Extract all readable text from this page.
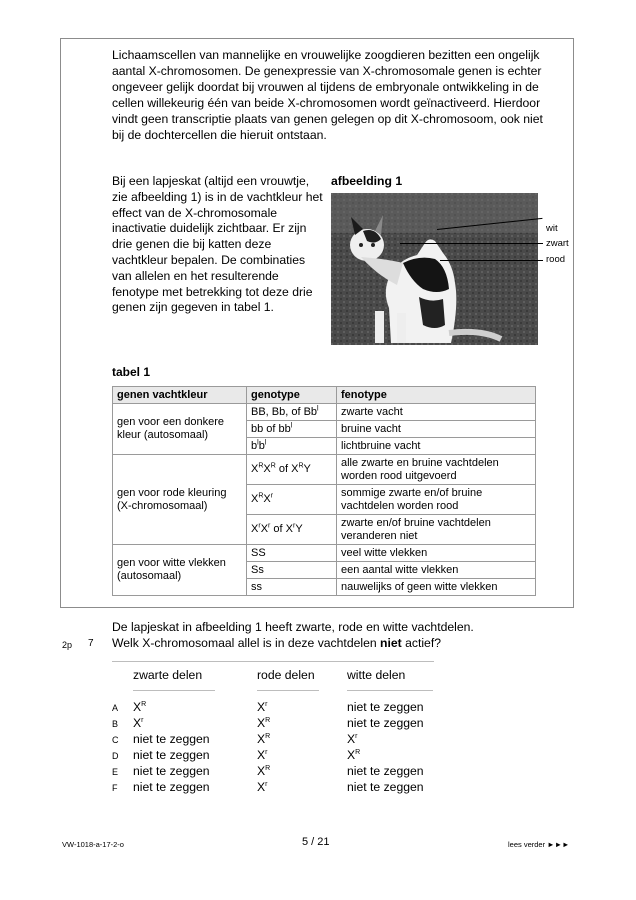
Lichaamscellen van mannelijke en vrouwelijke zoogdieren bezitten een ongelijk aantal X-chromosomen. De genexpressie van X-chromosomale genen is echter ongeveer gelijk doordat bij vrouwen al tijdens de embryonale ontwikkeling in de cellen willekeurig één van beide X-chromosomen wordt geïnactiveerd. Hierdoor vindt geen transcriptie plaats van genen gelegen op dit X-chromosoom, ook niet bij de dochtercellen die hieruit ontstaan.

Bij een lapjeskat (altijd een vrouwtje, zie afbeelding 1) is in de vachtkleur het effect van de X-chromosomale inactivatie duidelijk zichtbaar. Er zijn drie genen die bij katten deze vachtkleur bepalen. De combinaties van allelen en het resulterende fenotype met betrekking tot deze drie genen zijn gegeven in tabel 1.

afbeelding 1

wit
zwart
rood

tabel 1

genen vachtkleur	genotype	fenotype
gen voor een donkere kleur (autosomaal)	BB, Bb, of Bb$^l$	zwarte vacht
	bb of $bb^l$	bruine vacht
	$b^lb^l$	lichtbruine vacht
gen voor rode kleuring (X-chromosomaal)	$X^RX^R$ of $X^RY$	alle zwarte en bruine vachtdelen worden rood uitgevoerd
	$X^RX^r$	sommige zwarte en/of bruine vachtdelen worden rood
	$X^rX^r$ of $X^rY$	zwarte en/of bruine vachtdelen veranderen niet
gen voor witte vlekken (autosomaal)	SS	veel witte vlekken
	Ss	een aantal witte vlekken
	ss	nauwelijks of geen witte vlekken

De lapjeskat in afbeelding 1 heeft zwarte, rode en witte vachtdelen.

2p 7 Welk X-chromosomaal allel is in deze vachtdelen niet actief?

zwarte delen	rode delen	witte delen
A $X^R$	$X^r$	niet te zeggen
B $X^r$	$X^R$	niet te zeggen
C niet te zeggen	$X^R$	$X^r$
D niet te zeggen	$X^r$	$X^R$
E niet te zeggen	$X^R$	niet te zeggen
F niet te zeggen	$X^r$	niet te zeggen
VW-1018-a-17-2-o	5 / 21	lees verder ►►►
